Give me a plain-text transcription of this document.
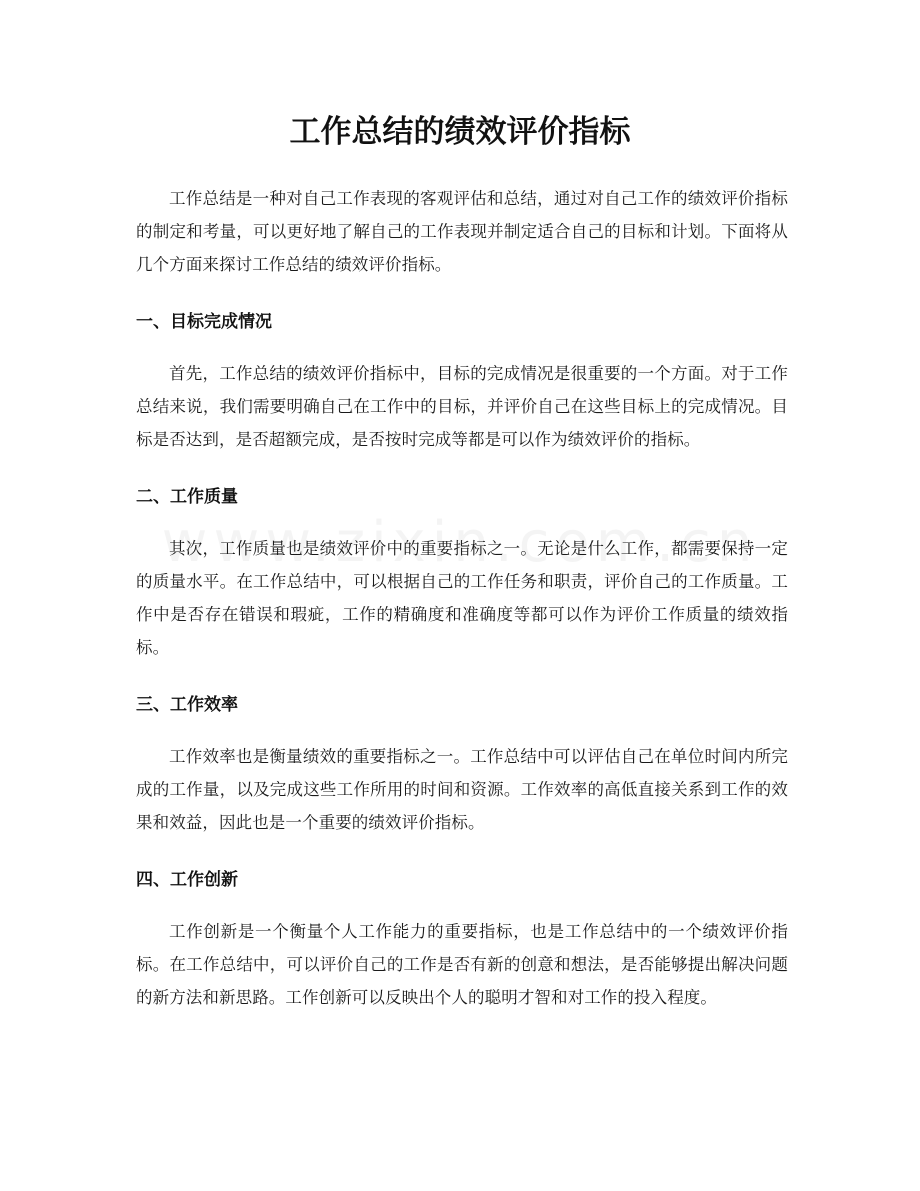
工作总结的绩效评价指标

工作总结是一种对自己工作表现的客观评估和总结，通过对自己工作的绩效评价指标的制定和考量，可以更好地了解自己的工作表现并制定适合自己的目标和计划。下面将从几个方面来探讨工作总结的绩效评价指标。

一、目标完成情况

首先，工作总结的绩效评价指标中，目标的完成情况是很重要的一个方面。对于工作总结来说，我们需要明确自己在工作中的目标，并评价自己在这些目标上的完成情况。目标是否达到，是否超额完成，是否按时完成等都是可以作为绩效评价的指标。

二、工作质量

其次，工作质量也是绩效评价中的重要指标之一。无论是什么工作，都需要保持一定的质量水平。在工作总结中，可以根据自己的工作任务和职责，评价自己的工作质量。工作中是否存在错误和瑕疵，工作的精确度和准确度等都可以作为评价工作质量的绩效指标。

三、工作效率

工作效率也是衡量绩效的重要指标之一。工作总结中可以评估自己在单位时间内所完成的工作量，以及完成这些工作所用的时间和资源。工作效率的高低直接关系到工作的效果和效益，因此也是一个重要的绩效评价指标。

四、工作创新

工作创新是一个衡量个人工作能力的重要指标，也是工作总结中的一个绩效评价指标。在工作总结中，可以评价自己的工作是否有新的创意和想法，是否能够提出解决问题的新方法和新思路。工作创新可以反映出个人的聪明才智和对工作的投入程度。
